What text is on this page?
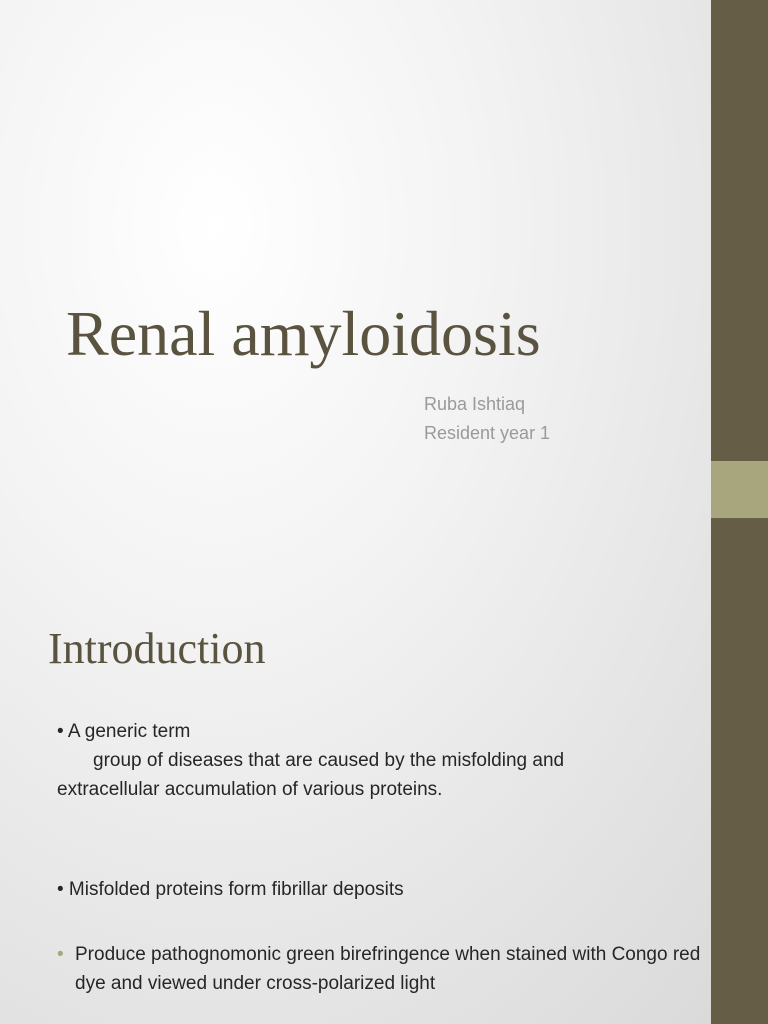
Renal amyloidosis
Ruba Ishtiaq
Resident year 1
Introduction
• A generic term
group of diseases that are caused by the misfolding and
extracellular accumulation of various proteins.
• Misfolded proteins form fibrillar deposits
• Produce pathognomonic green birefringence when stained with Congo red dye and viewed under cross-polarized light
